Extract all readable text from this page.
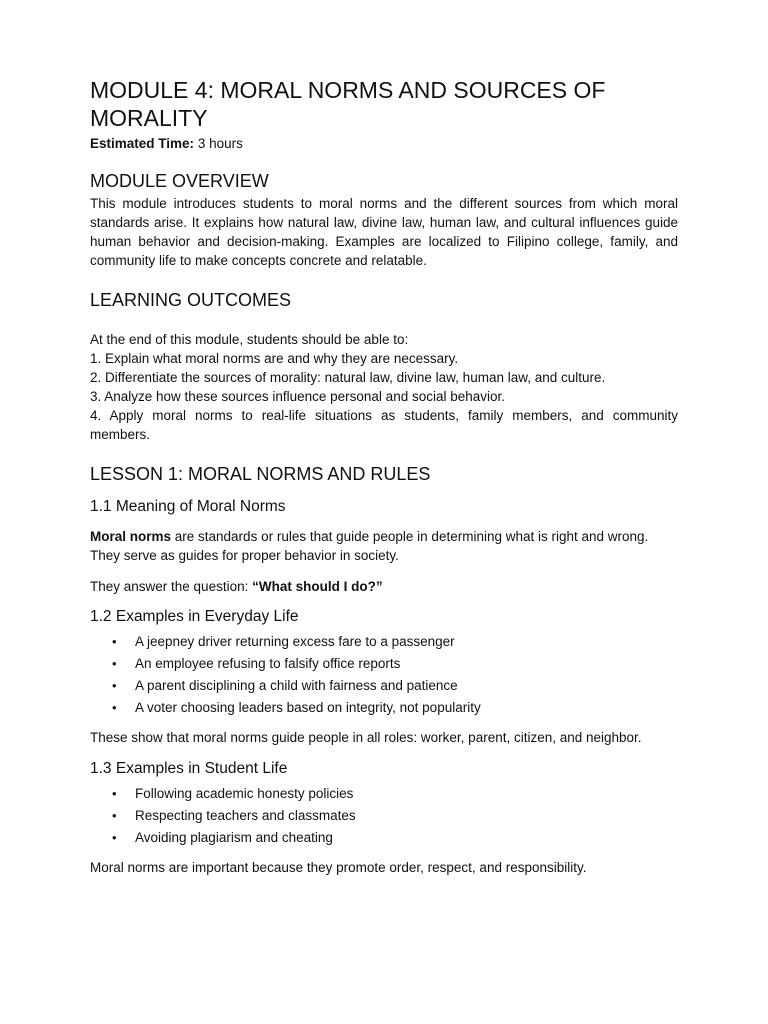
MODULE 4: MORAL NORMS AND SOURCES OF MORALITY

Estimated Time: 3 hours

MODULE OVERVIEW

This module introduces students to moral norms and the different sources from which moral standards arise. It explains how natural law, divine law, human law, and cultural influences guide human behavior and decision-making. Examples are localized to Filipino college, family, and community life to make concepts concrete and relatable.

LEARNING OUTCOMES

At the end of this module, students should be able to:

1. Explain what moral norms are and why they are necessary.

2. Differentiate the sources of morality: natural law, divine law, human law, and culture.

3. Analyze how these sources influence personal and social behavior.

4. Apply moral norms to real-life situations as students, family members, and community members.

LESSON 1: MORAL NORMS AND RULES
1.1 Meaning of Moral Norms

Moral norms are standards or rules that guide people in determining what is right and wrong. They serve as guides for proper behavior in society.

They answer the question: “What should I do?”

1.2 Examples in Everyday Life
• A jeepney driver returning excess fare to a passenger
• An employee refusing to falsify office reports
• A parent disciplining a child with fairness and patience
• A voter choosing leaders based on integrity, not popularity

These show that moral norms guide people in all roles: worker, parent, citizen, and neighbor.

1.3 Examples in Student Life
• Following academic honesty policies
• Respecting teachers and classmates
• Avoiding plagiarism and cheating

Moral norms are important because they promote order, respect, and responsibility.
